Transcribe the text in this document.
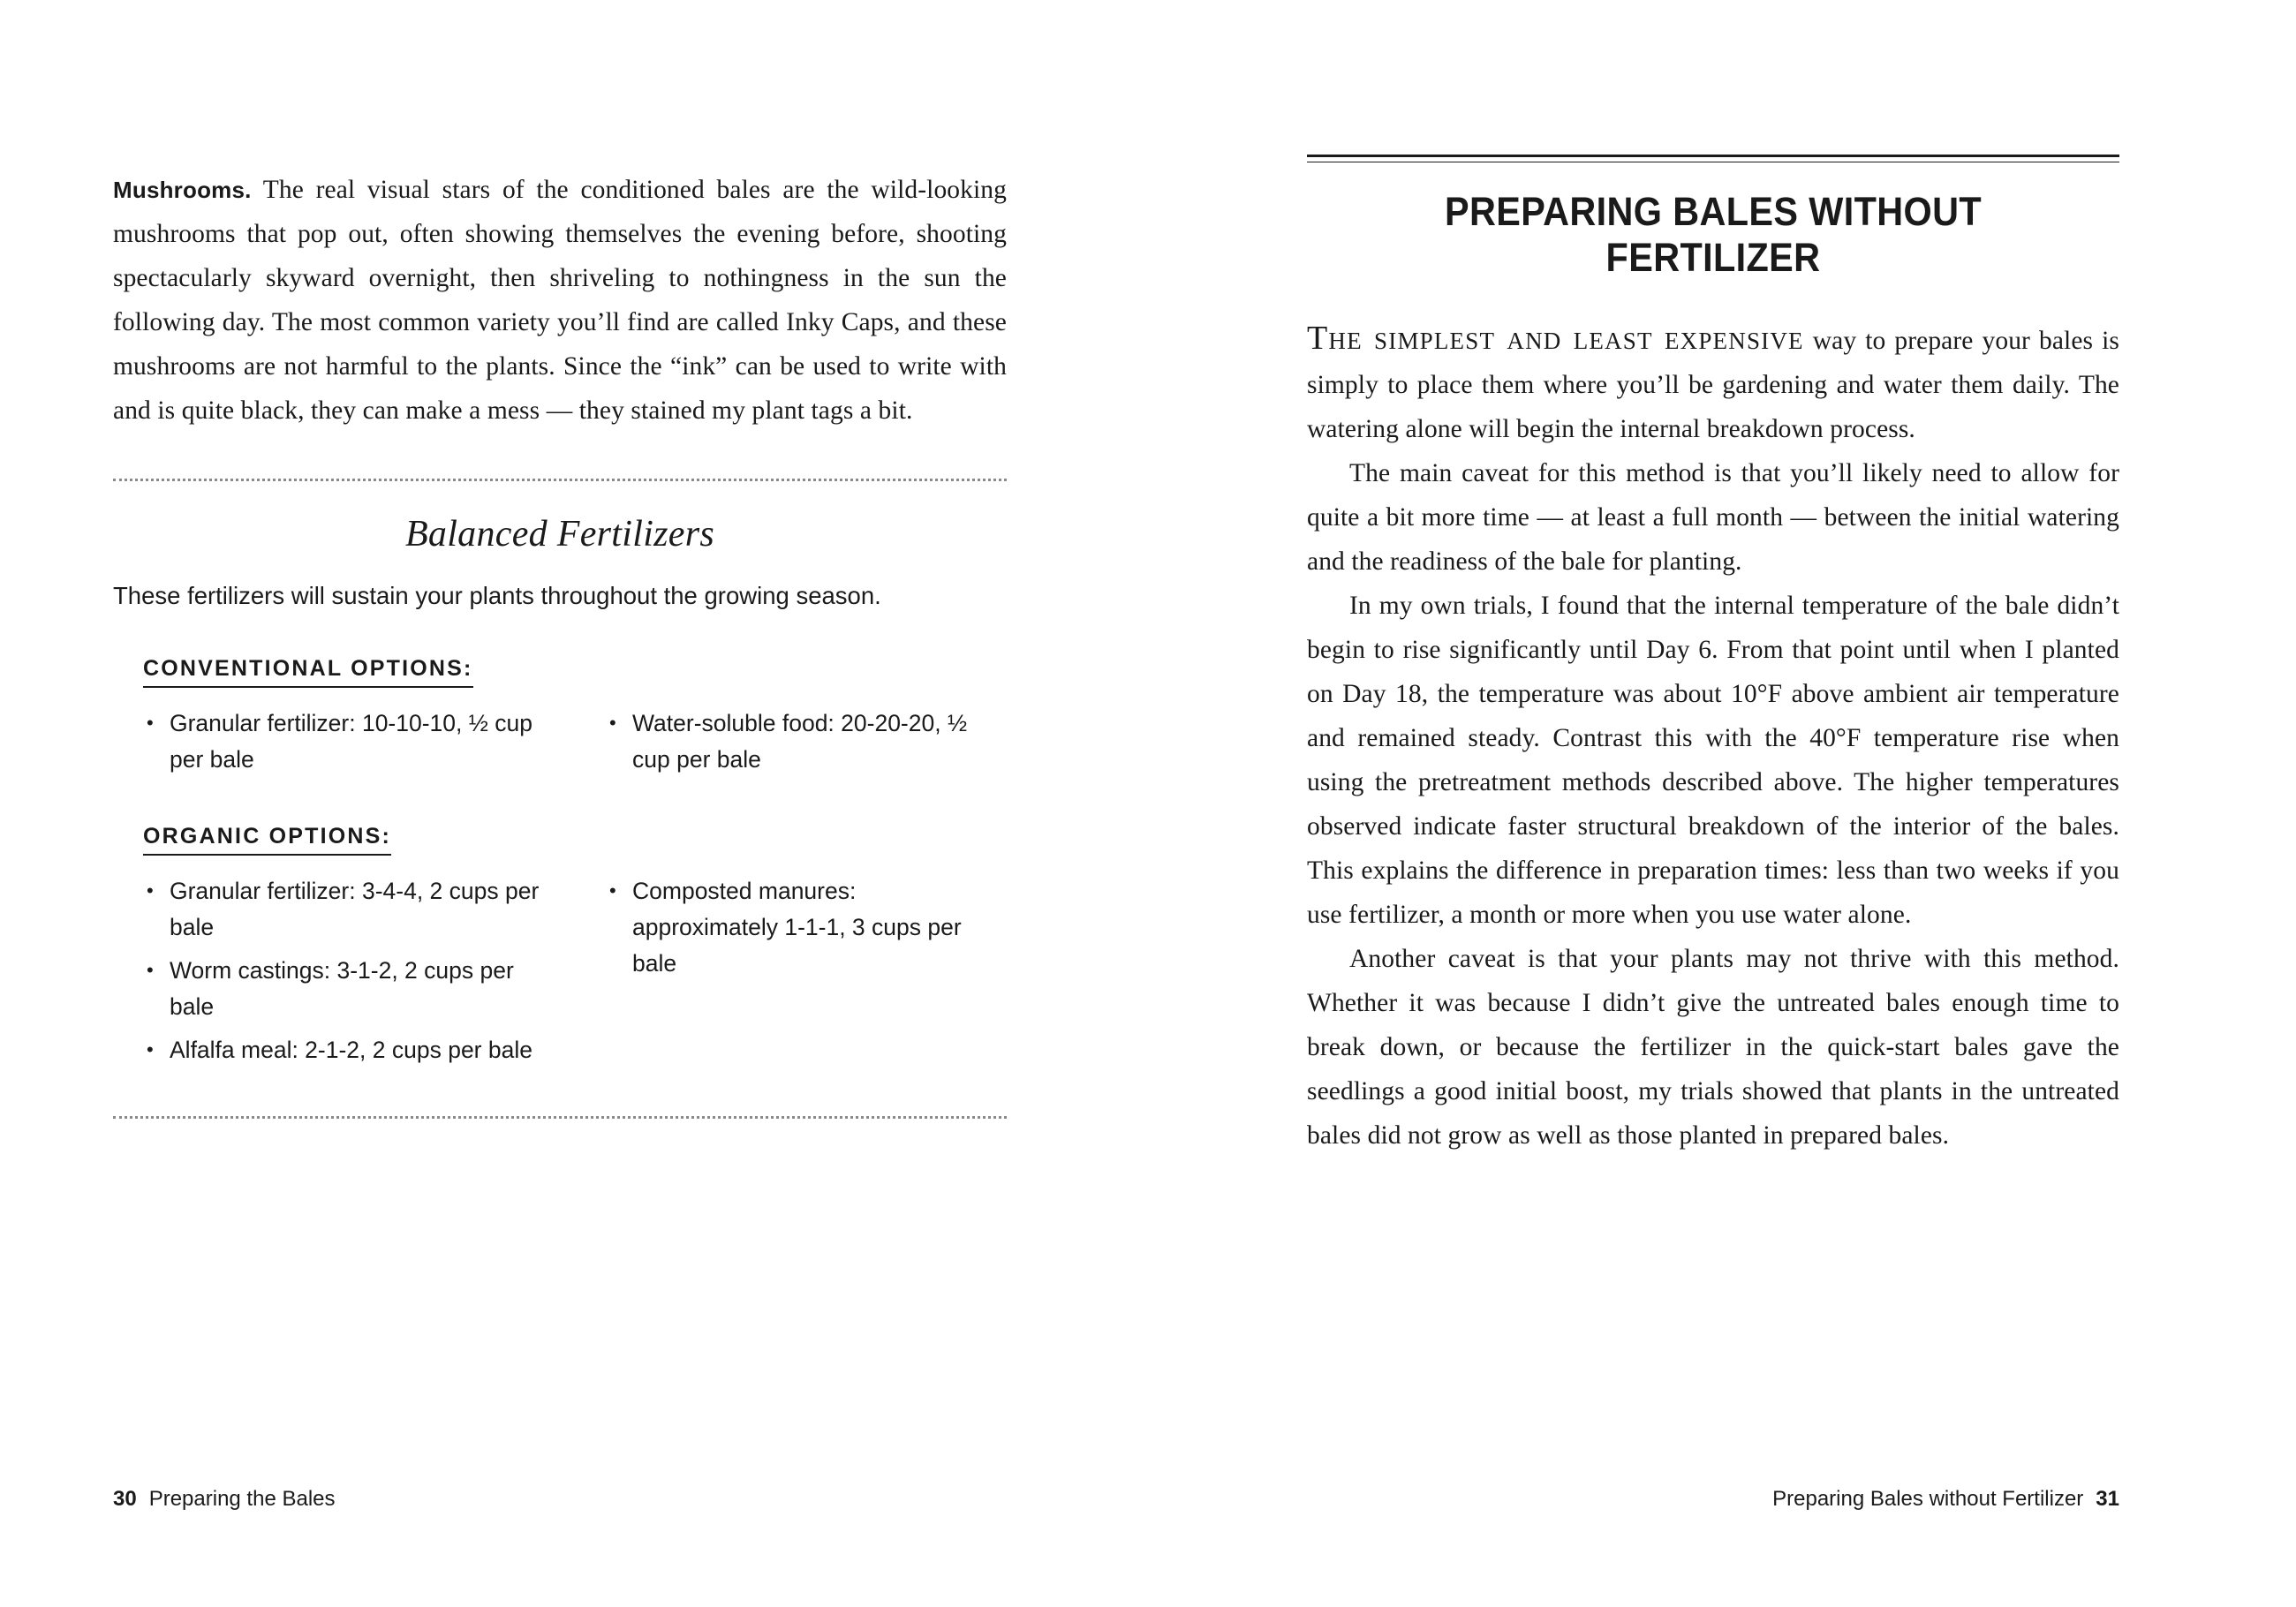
Mushrooms. The real visual stars of the conditioned bales are the wild-looking mushrooms that pop out, often showing themselves the evening before, shooting spectacularly skyward overnight, then shriveling to nothingness in the sun the following day. The most common variety you’ll find are called Inky Caps, and these mushrooms are not harmful to the plants. Since the “ink” can be used to write with and is quite black, they can make a mess — they stained my plant tags a bit.

Balanced Fertilizers

These fertilizers will sustain your plants throughout the growing season.

CONVENTIONAL OPTIONS:
• Granular fertilizer: 10-10-10, ½ cup per bale
• Water-soluble food: 20-20-20, ½ cup per bale
ORGANIC OPTIONS:
• Granular fertilizer: 3-4-4, 2 cups per bale
• Worm castings: 3-1-2, 2 cups per bale
• Alfalfa meal: 2-1-2, 2 cups per bale
• Composted manures: approximately 1-1-1, 3 cups per bale
30 Preparing the Bales
PREPARING BALES WITHOUT FERTILIZER

The simplest and least expensive way to prepare your bales is simply to place them where you’ll be gardening and water them daily. The watering alone will begin the internal breakdown process.

The main caveat for this method is that you’ll likely need to allow for quite a bit more time — at least a full month — between the initial watering and the readiness of the bale for planting.

In my own trials, I found that the internal temperature of the bale didn’t begin to rise significantly until Day 6. From that point until when I planted on Day 18, the temperature was about 10°F above ambient air temperature and remained steady. Contrast this with the 40°F temperature rise when using the pretreatment methods described above. The higher temperatures observed indicate faster structural breakdown of the interior of the bales. This explains the difference in preparation times: less than two weeks if you use fertilizer, a month or more when you use water alone.

Another caveat is that your plants may not thrive with this method. Whether it was because I didn’t give the untreated bales enough time to break down, or because the fertilizer in the quick-start bales gave the seedlings a good initial boost, my trials showed that plants in the untreated bales did not grow as well as those planted in prepared bales.

Preparing Bales without Fertilizer 31
